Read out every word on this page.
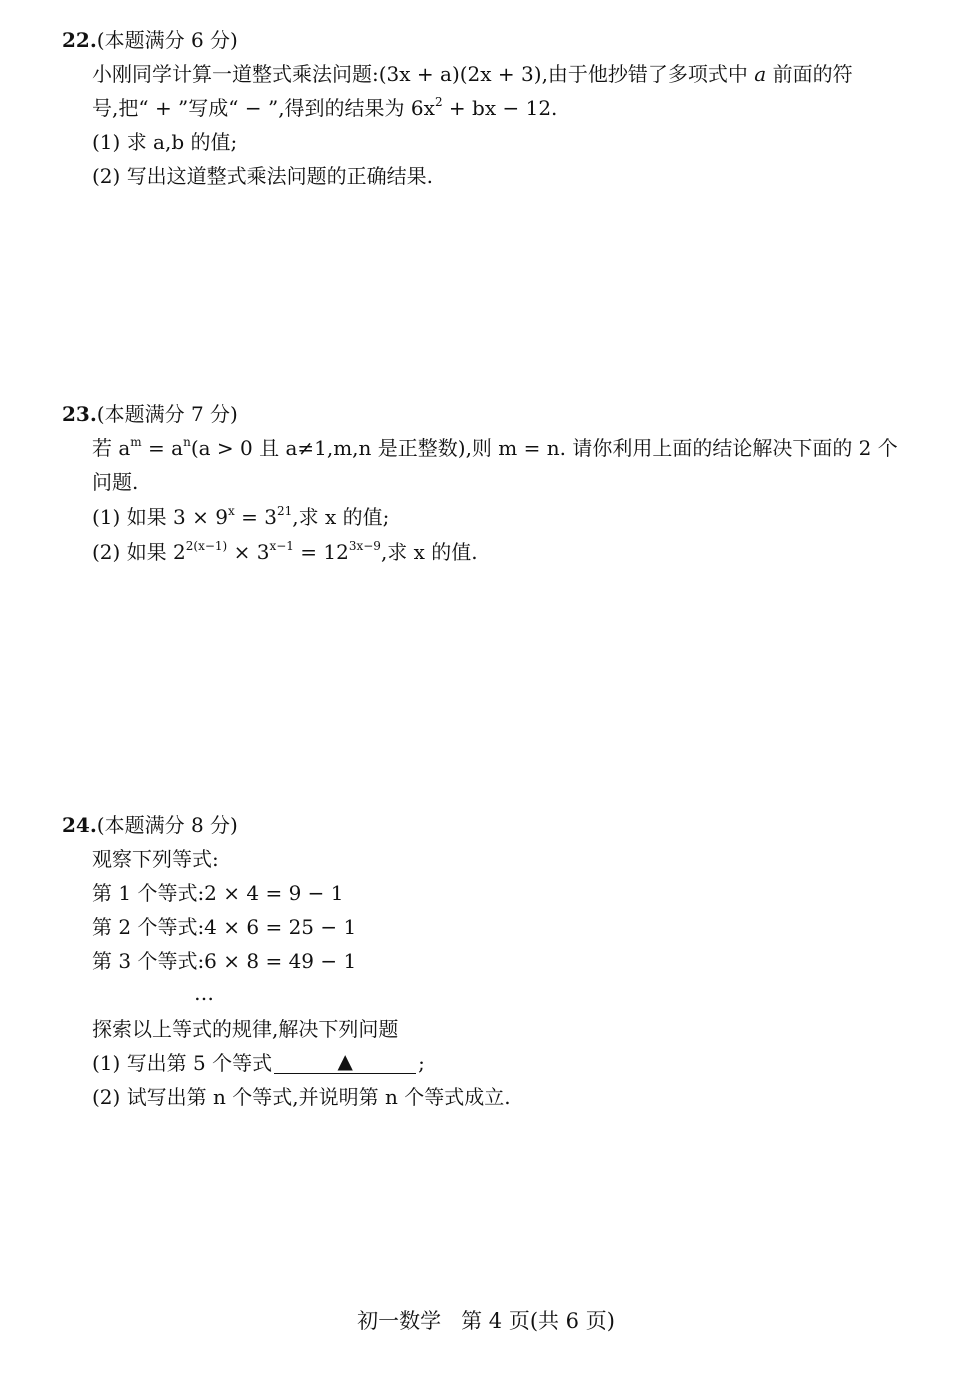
22.(本题满分 6 分)
小刚同学计算一道整式乘法问题:(3x + a)(2x + 3),由于他抄错了多项式中 a 前面的符
号,把“ + ”写成“ − ”,得到的结果为 $6x^2$ + bx − 12.
(1) 求 a,b 的值;
(2) 写出这道整式乘法问题的正确结果.
23.(本题满分 7 分)
若 $a^m = a^n(a > 0$ 且 a≠1,m,n 是正整数),则 m = n. 请你利用上面的结论解决下面的 2 个
问题.
(1) 如果 $3 \times 9^x = 3^{21}$,求 x 的值;
(2) 如果 $2^{2(x-1)} \times 3^{x-1} = 12^{3x-9}$,求 x 的值.
24.(本题满分 8 分)
观察下列等式:
第 1 个等式:2 × 4 = 9 − 1
第 2 个等式:4 × 6 = 25 − 1
第 3 个等式:6 × 8 = 49 − 1
…
探索以上等式的规律,解决下列问题
(1) 写出第 5 个等式	▲	;
(2) 试写出第 n 个等式,并说明第 n 个等式成立.
初一数学   第 4 页(共 6 页)
